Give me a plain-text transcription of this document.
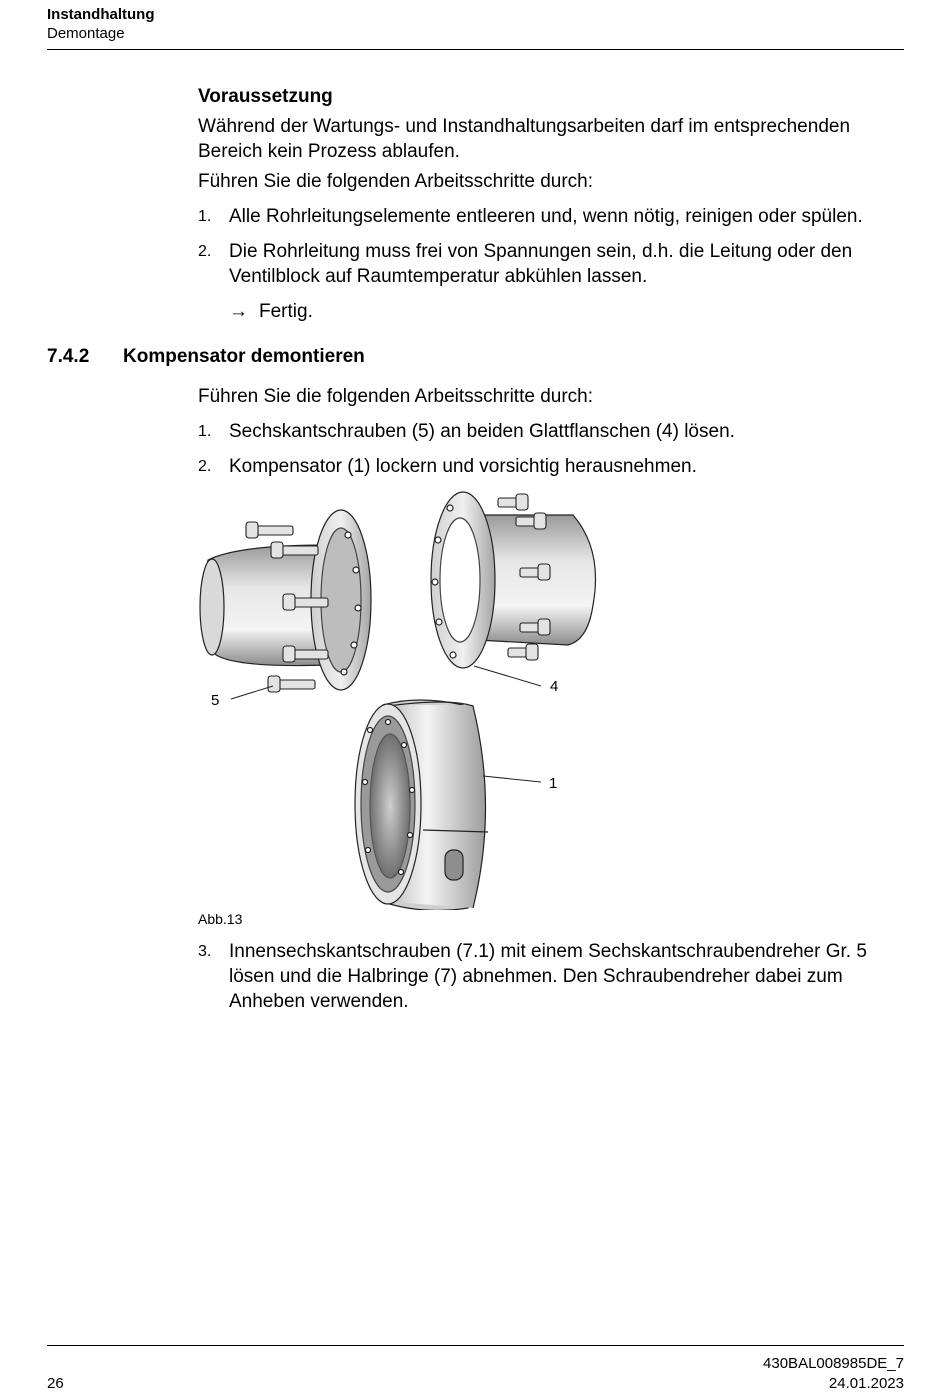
Instandhaltung
Demontage
Voraussetzung
Während der Wartungs- und Instandhaltungsarbeiten darf im entsprechenden
Bereich kein Prozess ablaufen.
Führen Sie die folgenden Arbeitsschritte durch:
1. Alle Rohrleitungselemente entleeren und, wenn nötig, reinigen oder spülen.
2. Die Rohrleitung muss frei von Spannungen sein, d.h. die Leitung oder den
Ventilblock auf Raumtemperatur abkühlen lassen.
→ Fertig.
7.4.2 Kompensator demontieren
Führen Sie die folgenden Arbeitsschritte durch:
1. Sechskantschrauben (5) an beiden Glattflanschen (4) lösen.
2. Kompensator (1) lockern und vorsichtig herausnehmen.
5
4
1
Abb.13
3. Innensechskantschrauben (7.1) mit einem Sechskantschraubendreher Gr. 5
lösen und die Halbringe (7) abnehmen. Den Schraubendreher dabei zum
Anheben verwenden.
26
430BAL008985DE_7
24.01.2023
